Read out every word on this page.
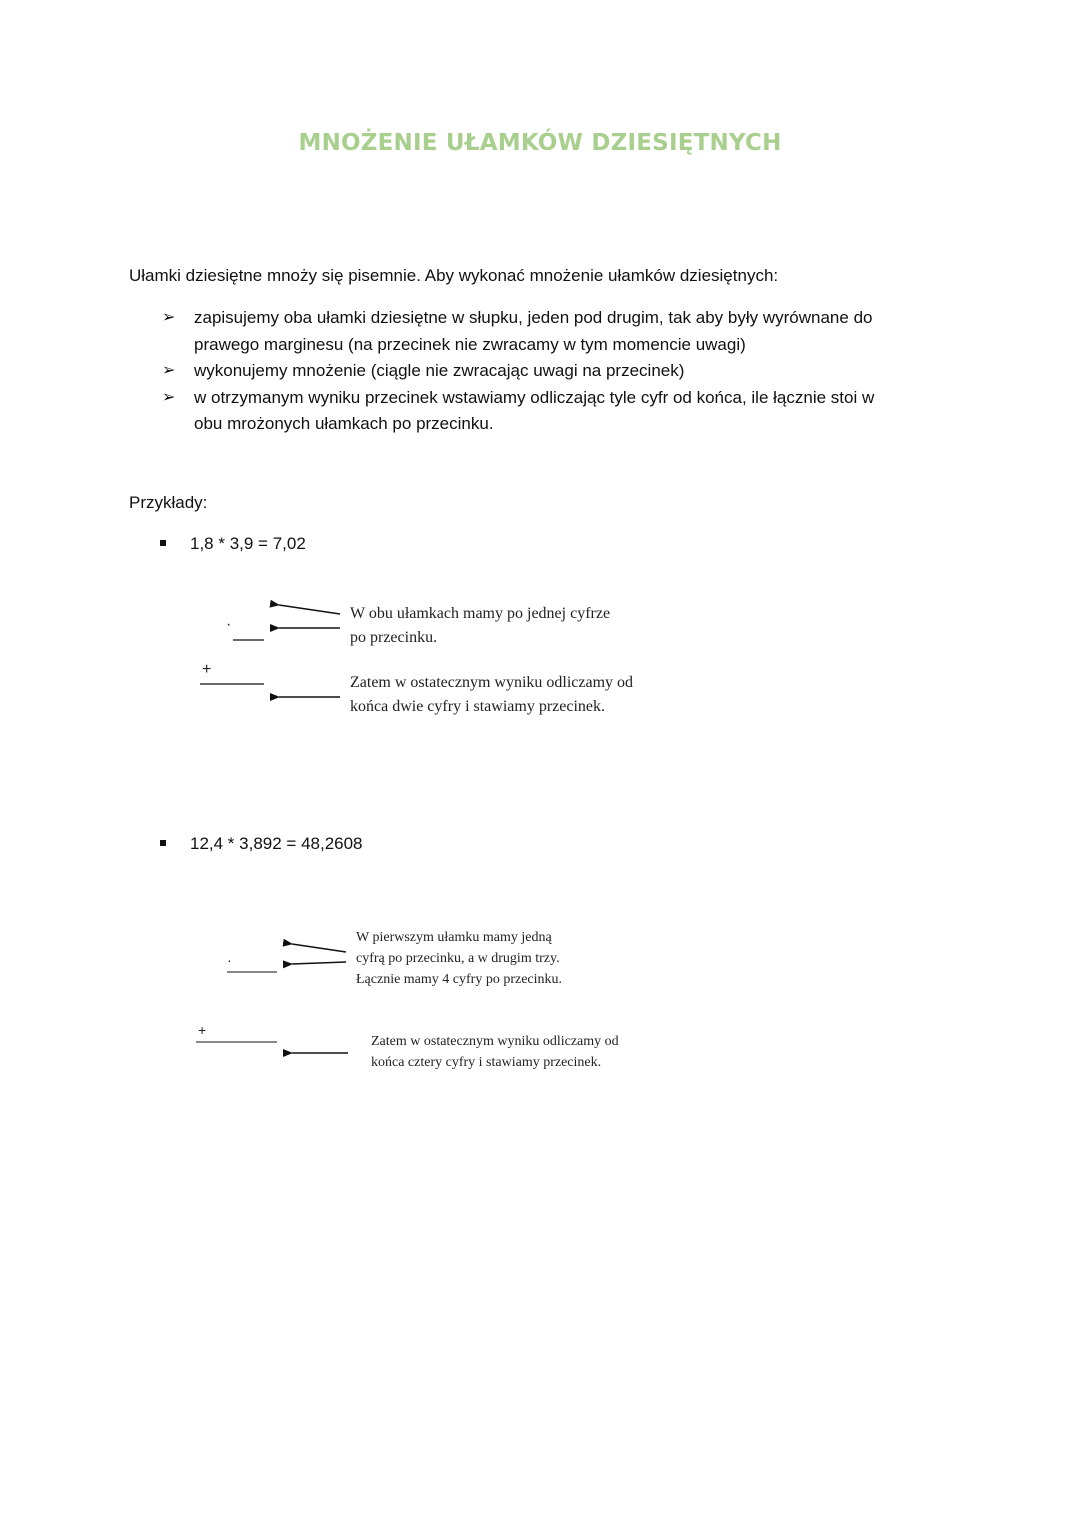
MNOŻENIE UŁAMKÓW DZIESIĘTNYCH
Ułamki dziesiętne mnoży się pisemnie. Aby wykonać mnożenie ułamków dziesiętnych:
➢ zapisujemy oba ułamki dziesiętne w słupku, jeden pod drugim, tak aby były wyrównane do
prawego marginesu (na przecinek nie zwracamy w tym momencie uwagi)
➢ wykonujemy mnożenie (ciągle nie zwracając uwagi na przecinek)
➢ w otrzymanym wyniku przecinek wstawiamy odliczając tyle cyfr od końca, ile łącznie stoi w
obu mrożonych ułamkach po przecinku.
Przykłady:
1,8 * 3,9 = 7,02
·
+
W obu ułamkach mamy po jednej cyfrze
po przecinku.
Zatem w ostatecznym wyniku odliczamy od
końca dwie cyfry i stawiamy przecinek.
12,4 * 3,892 = 48,2608
·
+
W pierwszym ułamku mamy jedną
cyfrą po przecinku, a w drugim trzy.
Łącznie mamy 4 cyfry po przecinku.
Zatem w ostatecznym wyniku odliczamy od
końca cztery cyfry i stawiamy przecinek.
